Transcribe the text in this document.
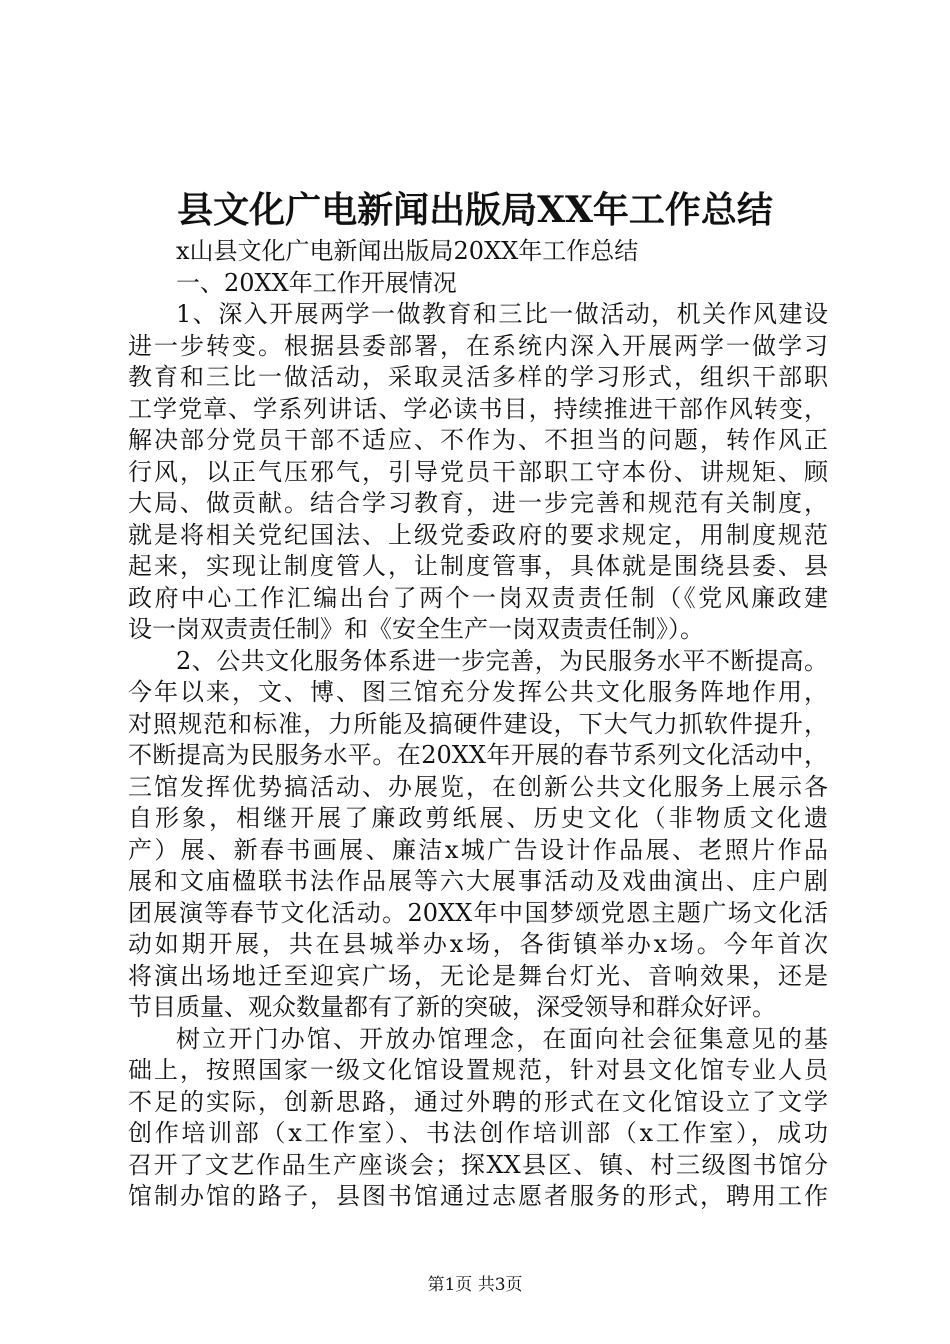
县文化广电新闻出版局XX年工作总结
x山县文化广电新闻出版局20XX年工作总结
一、20XX年工作开展情况
1、深入开展两学一做教育和三比一做活动，机关作风建设
进一步转变。根据县委部署，在系统内深入开展两学一做学习
教育和三比一做活动，采取灵活多样的学习形式，组织干部职
工学党章、学系列讲话、学必读书目，持续推进干部作风转变，
解决部分党员干部不适应、不作为、不担当的问题，转作风正
行风，以正气压邪气，引导党员干部职工守本份、讲规矩、顾
大局、做贡献。结合学习教育，进一步完善和规范有关制度，
就是将相关党纪国法、上级党委政府的要求规定，用制度规范
起来，实现让制度管人，让制度管事，具体就是围绕县委、县
政府中心工作汇编出台了两个一岗双责责任制（《党风廉政建
设一岗双责责任制》和《安全生产一岗双责责任制》）。
2、公共文化服务体系进一步完善，为民服务水平不断提高。
今年以来，文、博、图三馆充分发挥公共文化服务阵地作用，
对照规范和标准，力所能及搞硬件建设，下大气力抓软件提升，
不断提高为民服务水平。在20XX年开展的春节系列文化活动中，
三馆发挥优势搞活动、办展览，在创新公共文化服务上展示各
自形象，相继开展了廉政剪纸展、历史文化（非物质文化遗
产）展、新春书画展、廉洁x城广告设计作品展、老照片作品
展和文庙楹联书法作品展等六大展事活动及戏曲演出、庄户剧
团展演等春节文化活动。20XX年中国梦颂党恩主题广场文化活
动如期开展，共在县城举办x场，各街镇举办x场。今年首次
将演出场地迁至迎宾广场，无论是舞台灯光、音响效果，还是
节目质量、观众数量都有了新的突破，深受领导和群众好评。
树立开门办馆、开放办馆理念，在面向社会征集意见的基
础上，按照国家一级文化馆设置规范，针对县文化馆专业人员
不足的实际，创新思路，通过外聘的形式在文化馆设立了文学
创作培训部（x工作室）、书法创作培训部（x工作室），成功
召开了文艺作品生产座谈会；探XX县区、镇、村三级图书馆分
馆制办馆的路子，县图书馆通过志愿者服务的形式，聘用工作
第1页 共3页
